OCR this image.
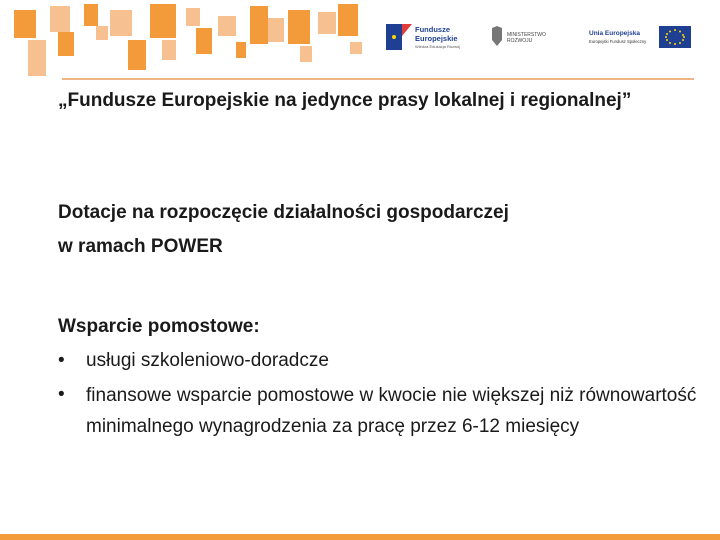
Fundusze
Europejskie
Wiedza Edukacja Rozwój
MINISTERSTWO
ROZWOJU
Unia Europejska
Europejski Fundusz Społeczny
„Fundusze Europejskie na jedynce prasy lokalnej i regionalnej”
Dotacje na rozpoczęcie działalności gospodarczej
w ramach POWER
Wsparcie pomostowe:
• usługi szkoleniowo-doradcze
• finansowe wsparcie pomostowe w kwocie nie większej niż równowartość minimalnego wynagrodzenia za pracę przez 6-12 miesięcy
